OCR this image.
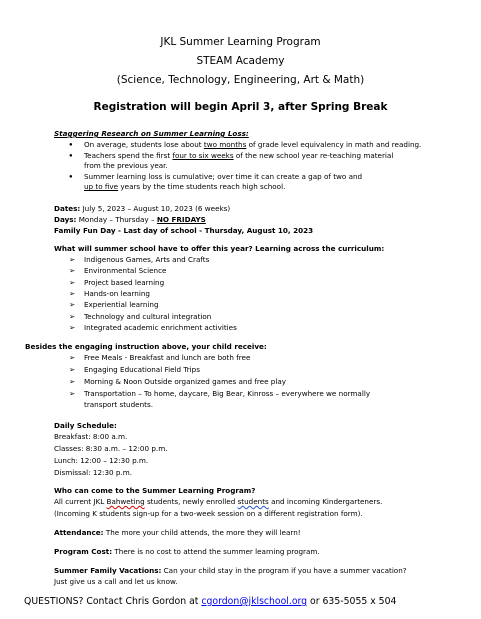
JKL Summer Learning Program
STEAM Academy
(Science, Technology, Engineering, Art & Math)
Registration will begin April 3, after Spring Break
Staggering Research on Summer Learning Loss:
● On average, students lose about two months of grade level equivalency in math and reading.
● Teachers spend the first four to six weeks of the new school year re-teaching material
from the previous year.
● Summer learning loss is cumulative; over time it can create a gap of two and
up to five years by the time students reach high school.
Dates: July 5, 2023 – August 10, 2023 (6 weeks)
Days: Monday – Thursday – NO FRIDAYS
Family Fun Day - Last day of school - Thursday, August 10, 2023
What will summer school have to offer this year? Learning across the curriculum:
➢ Indigenous Games, Arts and Crafts
➢ Environmental Science
➢ Project based learning
➢ Hands-on learning
➢ Experiential learning
➢ Technology and cultural integration
➢ Integrated academic enrichment activities
Besides the engaging instruction above, your child receive:
➢ Free Meals - Breakfast and lunch are both free
➢ Engaging Educational Field Trips
➢ Morning & Noon Outside organized games and free play
➢ Transportation – To home, daycare, Big Bear, Kinross – everywhere we normally
transport students.
Daily Schedule:
Breakfast: 8:00 a.m.
Classes: 8:30 a.m. – 12:00 p.m.
Lunch: 12:00 – 12:30 p.m.
Dismissal: 12:30 p.m.
Who can come to the Summer Learning Program?
All current JKL Bahweting students, newly enrolled students and incoming Kindergarteners.
(Incoming K students sign-up for a two-week session on a different registration form).
Attendance: The more your child attends, the more they will learn!
Program Cost: There is no cost to attend the summer learning program.
Summer Family Vacations: Can your child stay in the program if you have a summer vacation?
Just give us a call and let us know.
QUESTIONS? Contact Chris Gordon at cgordon@jklschool.org or 635-5055 x 504
